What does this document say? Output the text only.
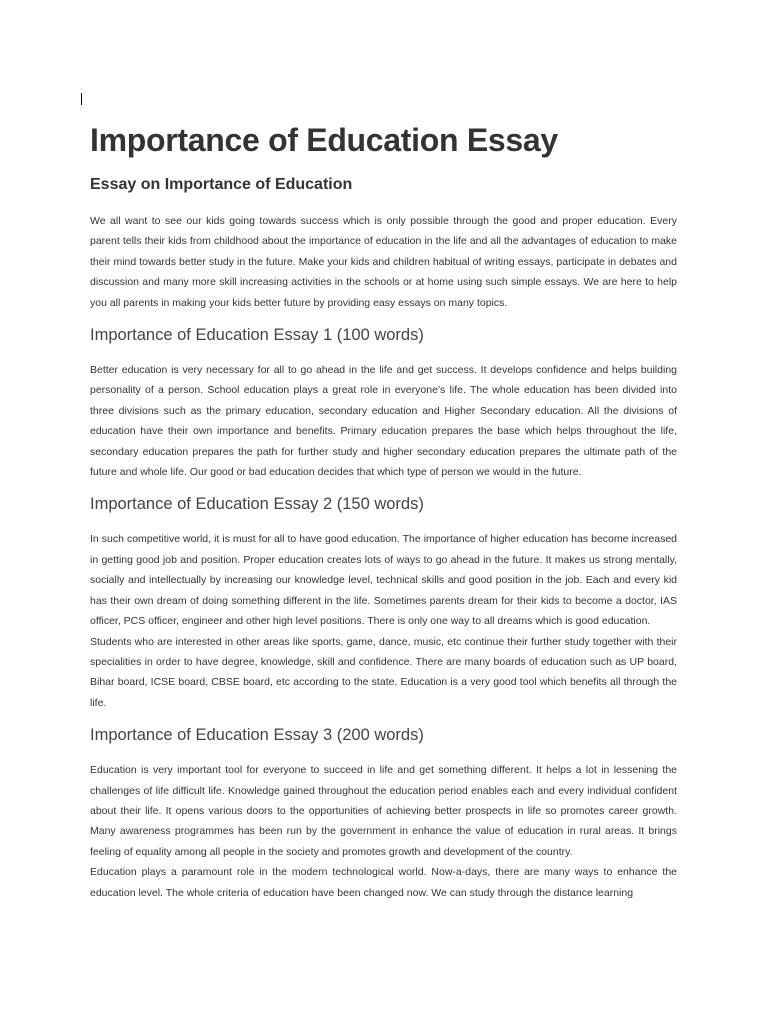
Importance of Education Essay
Essay on Importance of Education

We all want to see our kids going towards success which is only possible through the good and proper education. Every parent tells their kids from childhood about the importance of education in the life and all the advantages of education to make their mind towards better study in the future. Make your kids and children habitual of writing essays, participate in debates and discussion and many more skill increasing activities in the schools or at home using such simple essays. We are here to help you all parents in making your kids better future by providing easy essays on many topics.

Importance of Education Essay 1 (100 words)

Better education is very necessary for all to go ahead in the life and get success. It develops confidence and helps building personality of a person. School education plays a great role in everyone’s life. The whole education has been divided into three divisions such as the primary education, secondary education and Higher Secondary education. All the divisions of education have their own importance and benefits. Primary education prepares the base which helps throughout the life, secondary education prepares the path for further study and higher secondary education prepares the ultimate path of the future and whole life. Our good or bad education decides that which type of person we would in the future.

Importance of Education Essay 2 (150 words)

In such competitive world, it is must for all to have good education. The importance of higher education has become increased in getting good job and position. Proper education creates lots of ways to go ahead in the future. It makes us strong mentally, socially and intellectually by increasing our knowledge level, technical skills and good position in the job. Each and every kid has their own dream of doing something different in the life. Sometimes parents dream for their kids to become a doctor, IAS officer, PCS officer, engineer and other high level positions. There is only one way to all dreams which is good education.

Students who are interested in other areas like sports, game, dance, music, etc continue their further study together with their specialities in order to have degree, knowledge, skill and confidence. There are many boards of education such as UP board, Bihar board, ICSE board, CBSE board, etc according to the state. Education is a very good tool which benefits all through the life.

Importance of Education Essay 3 (200 words)

Education is very important tool for everyone to succeed in life and get something different. It helps a lot in lessening the challenges of life difficult life. Knowledge gained throughout the education period enables each and every individual confident about their life. It opens various doors to the opportunities of achieving better prospects in life so promotes career growth. Many awareness programmes has been run by the government in enhance the value of education in rural areas. It brings feeling of equality among all people in the society and promotes growth and development of the country.

Education plays a paramount role in the modern technological world. Now-a-days, there are many ways to enhance the education level. The whole criteria of education have been changed now. We can study through the distance learning
